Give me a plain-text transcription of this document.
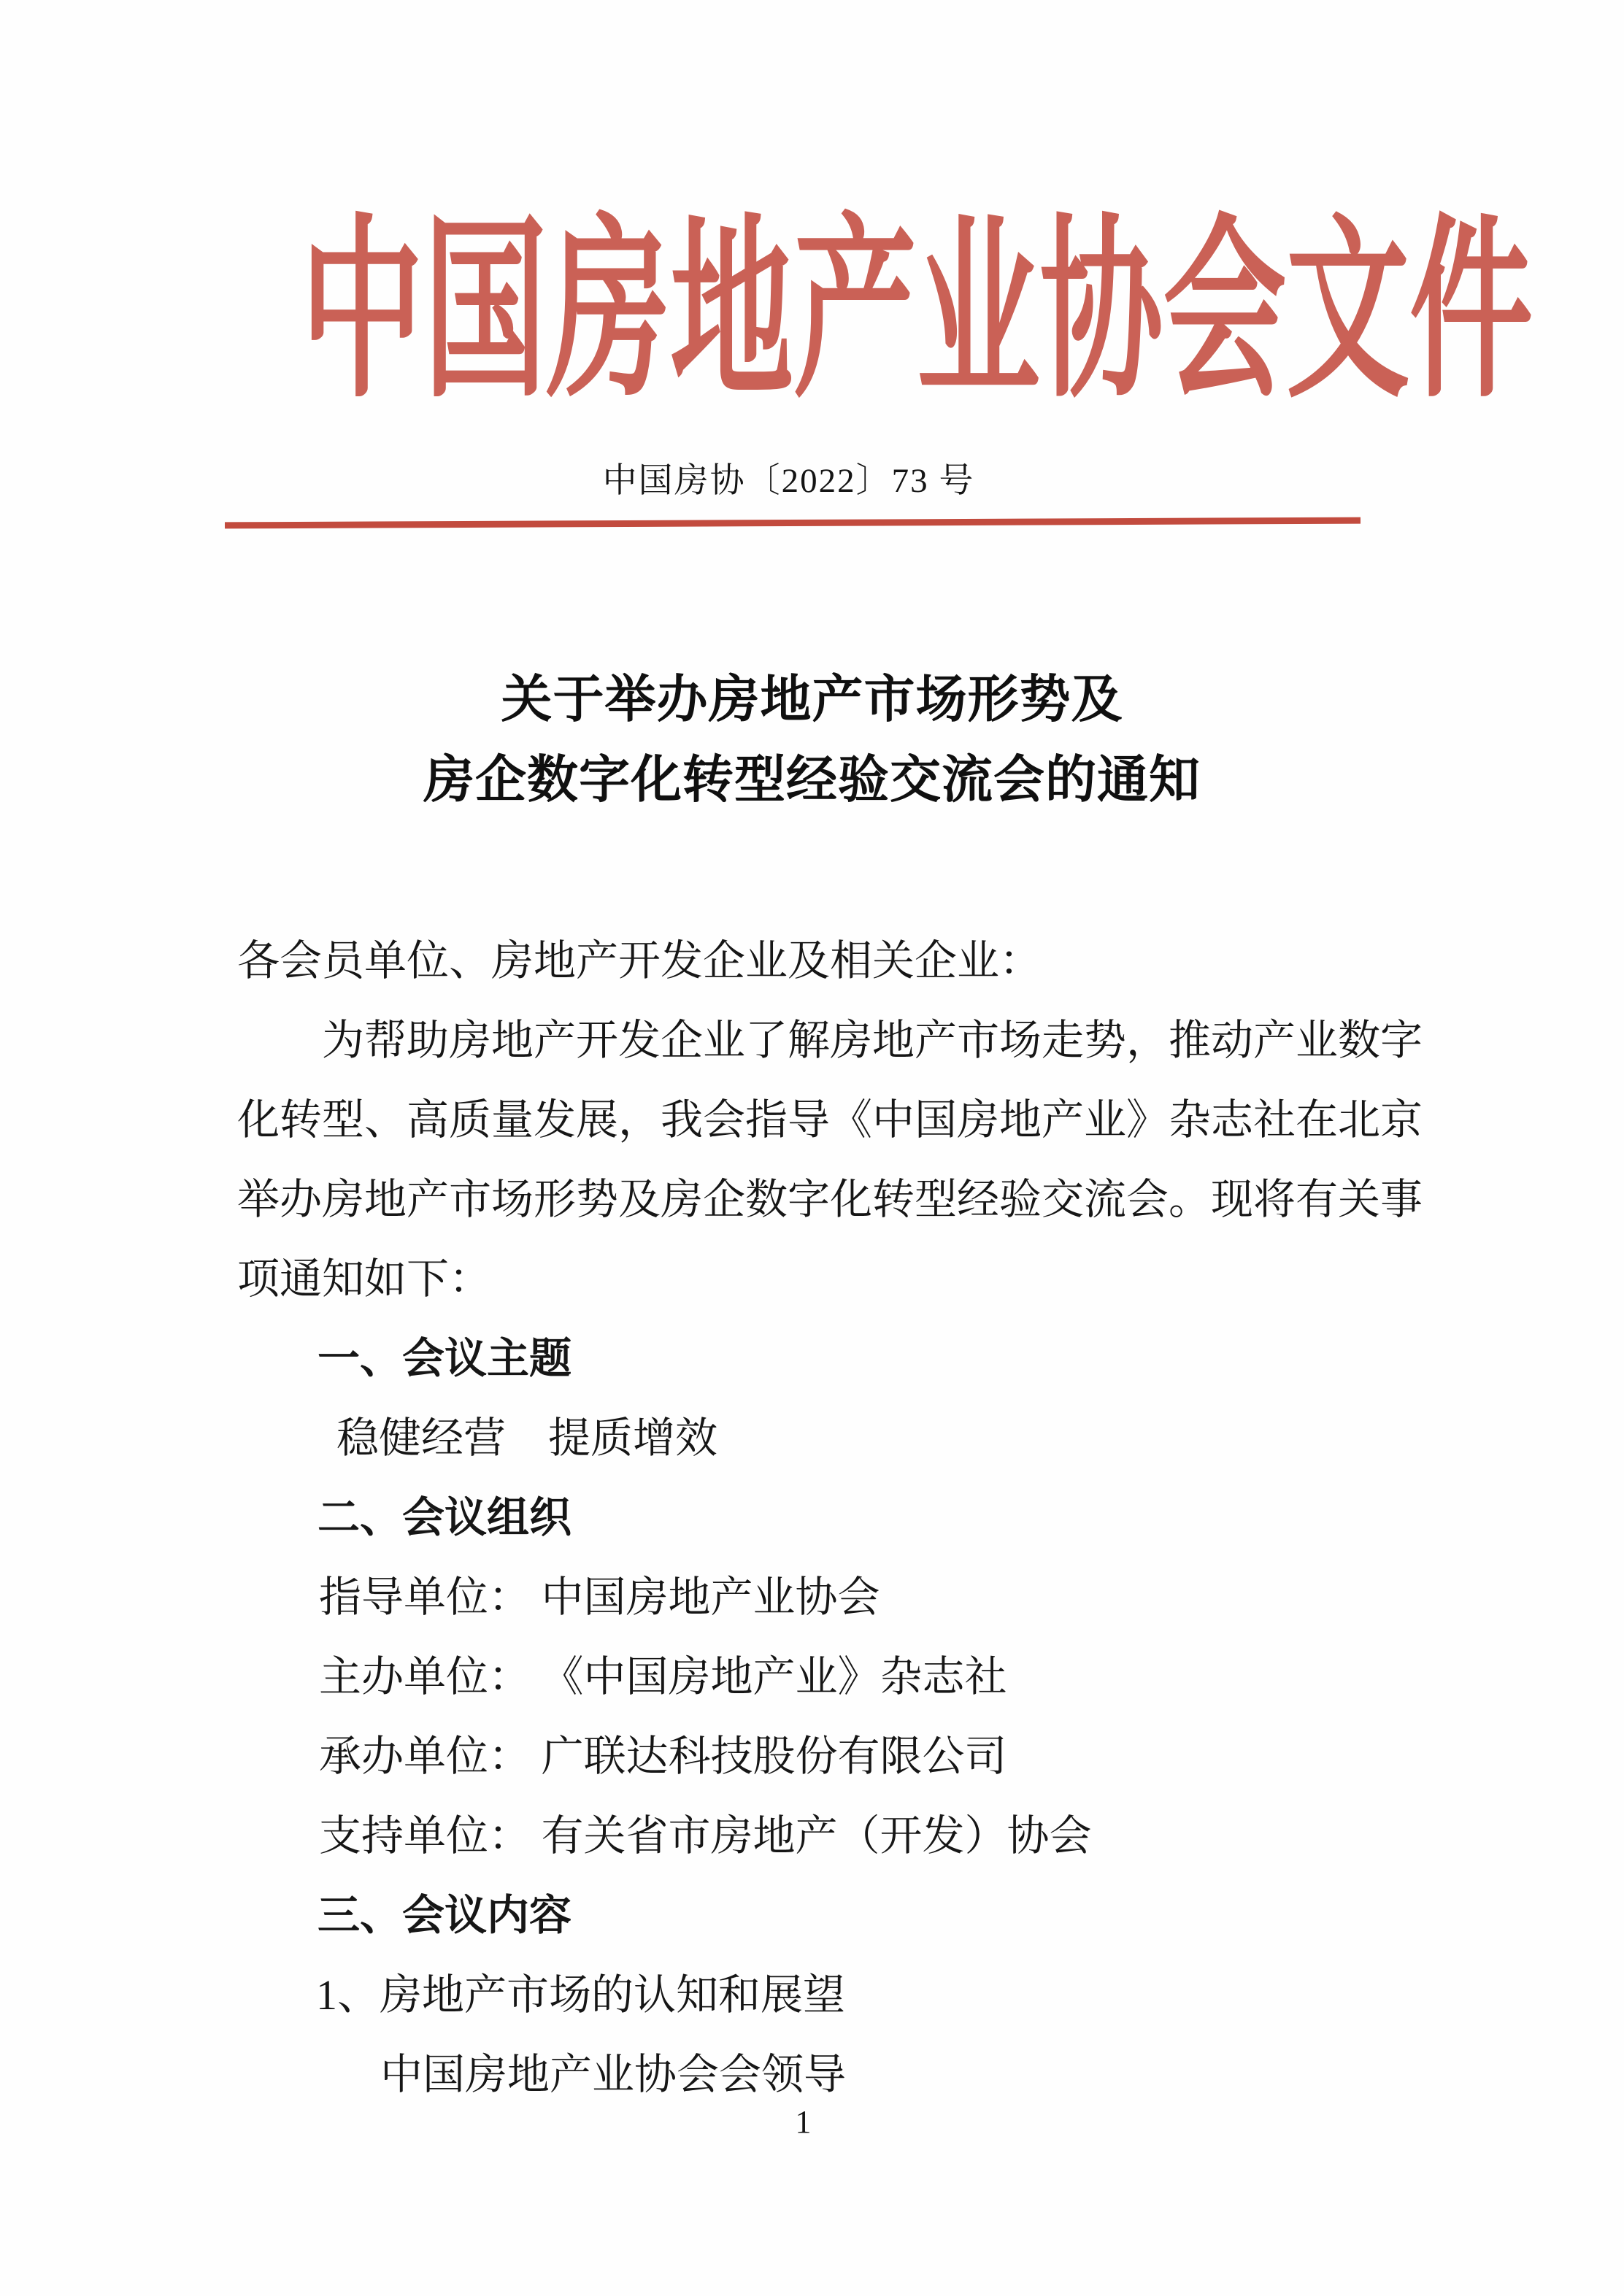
中国房地产业协会文件
中国房协〔2022〕73 号
关于举办房地产市场形势及
房企数字化转型经验交流会的通知
各会员单位、房地产开发企业及相关企业：
为帮助房地产开发企业了解房地产市场走势，推动产业数字
化转型、高质量发展，我会指导《中国房地产业》杂志社在北京
举办房地产市场形势及房企数字化转型经验交流会。现将有关事
项通知如下：
一、会议主题
稳健经营　提质增效
二、会议组织
指导单位： 中国房地产业协会
主办单位： 《中国房地产业》杂志社
承办单位： 广联达科技股份有限公司
支持单位： 有关省市房地产（开发）协会
三、会议内容
1、房地产市场的认知和展望
中国房地产业协会会领导
1
